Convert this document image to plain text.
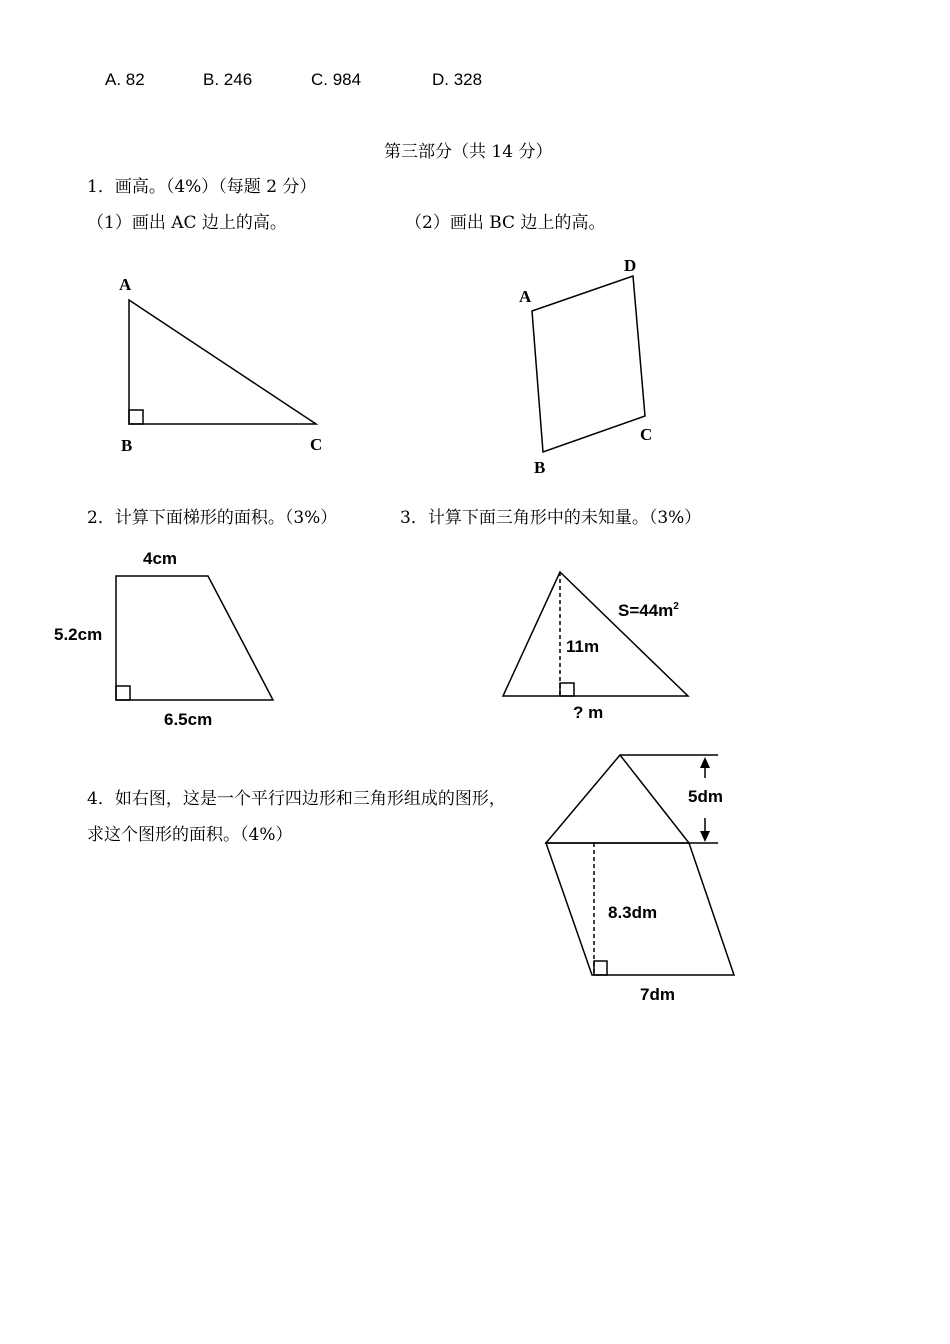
A. 82	B. 246	C. 984	D. 328
第三部分（共 14 分）
1．画高。（4%）（每题 2 分）
（1）画出 AC 边上的高。	（2）画出 BC 边上的高。
2．计算下面梯形的面积。（3%）	3．计算下面三角形中的未知量。（3%）
4．如右图，这是一个平行四边形和三角形组成的图形，
求这个图形的面积。（4%）
A
B	C
A
B
C
D
4cm
5.2cm
6.5cm
$S=44m^2$
11m
? m
5dm
8.3dm
7dm
